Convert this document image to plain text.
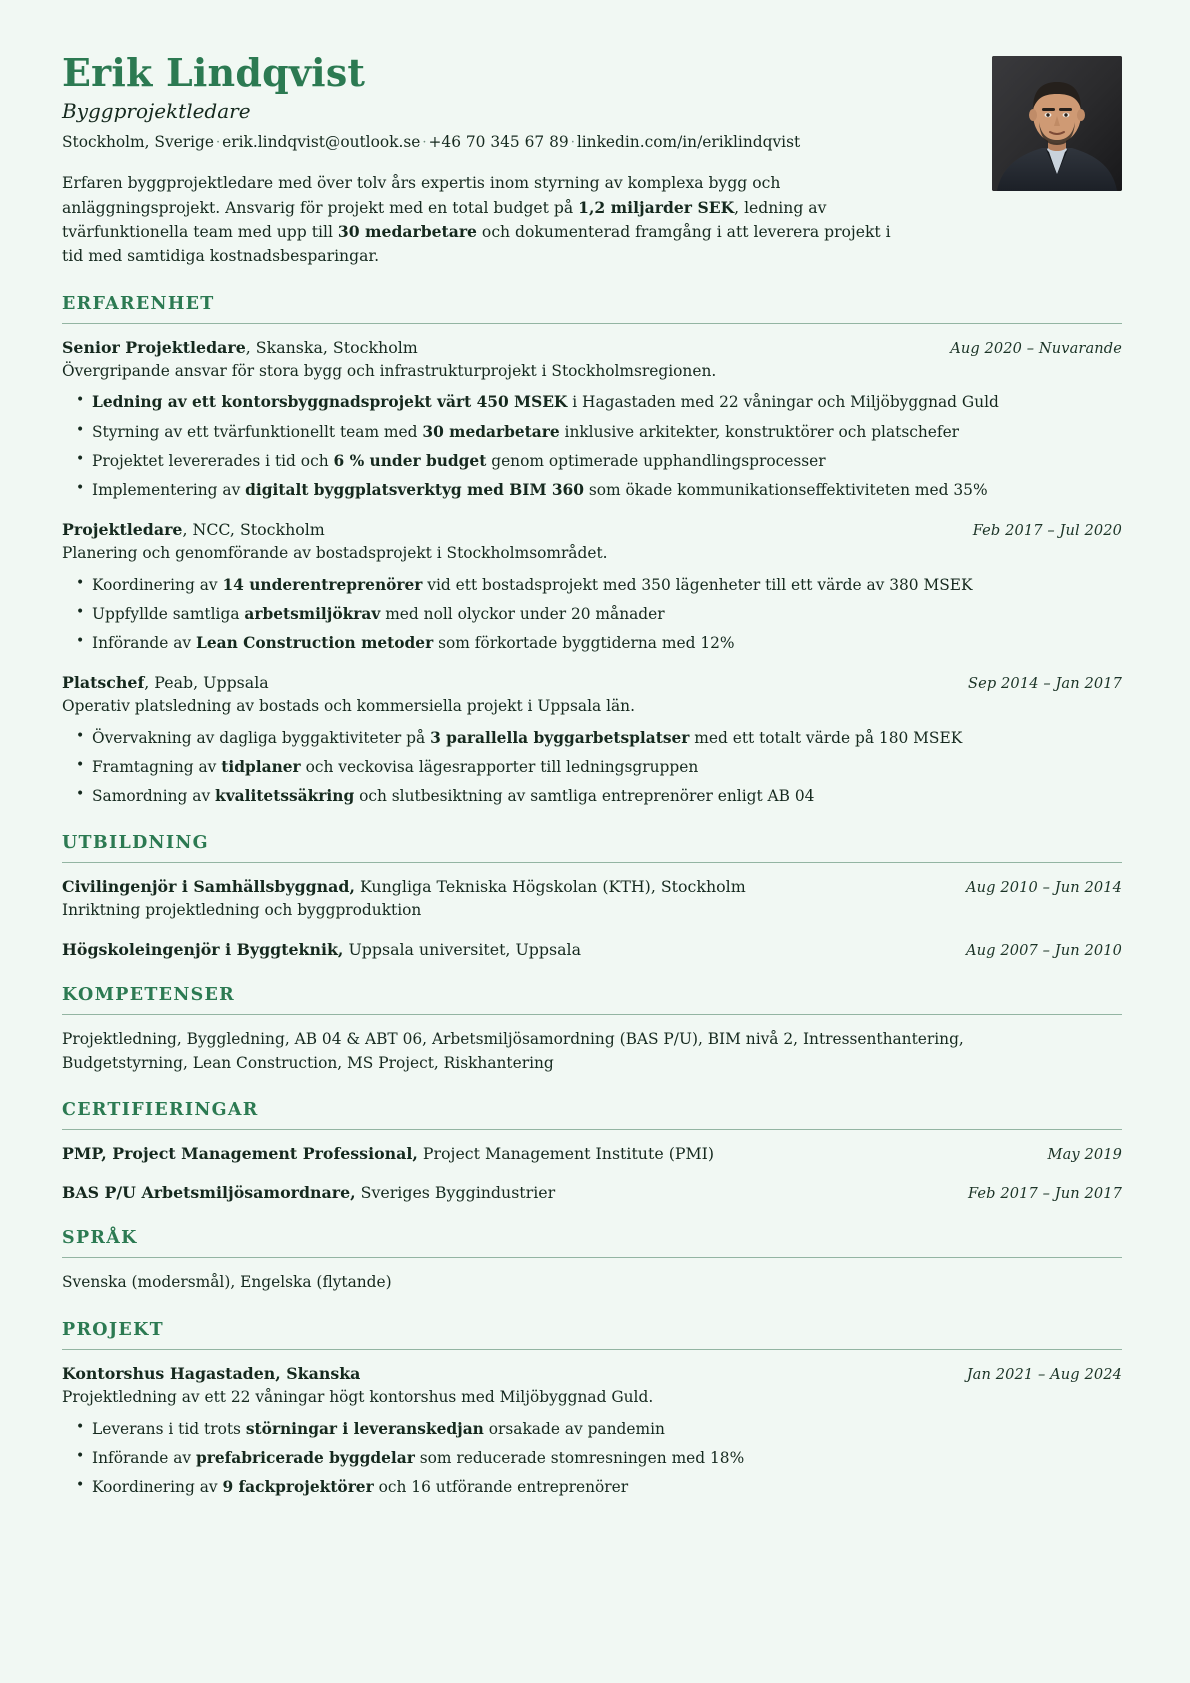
Erik Lindqvist
Byggprojektledare
Stockholm, Sverige · erik.lindqvist@outlook.se · +46 70 345 67 89 · linkedin.com/in/eriklindqvist

Erfaren byggprojektledare med över tolv års expertis inom styrning av komplexa bygg och anläggningsprojekt. Ansvarig för projekt med en total budget på 1,2 miljarder SEK, ledning av tvärfunktionella team med upp till 30 medarbetare och dokumenterad framgång i att leverera projekt i tid med samtidiga kostnadsbesparingar.

ERFARENHET
Senior Projektledare, Skanska, Stockholm	Aug 2020 – Nuvarande
Övergripande ansvar för stora bygg och infrastrukturprojekt i Stockholmsregionen.
• Ledning av ett kontorsbyggnadsprojekt värt 450 MSEK i Hagastaden med 22 våningar och Miljöbyggnad Guld
• Styrning av ett tvärfunktionellt team med 30 medarbetare inklusive arkitekter, konstruktörer och platschefer
• Projektet levererades i tid och 6 % under budget genom optimerade upphandlingsprocesser
• Implementering av digitalt byggplatsverktyg med BIM 360 som ökade kommunikationseffektiviteten med 35%
Projektledare, NCC, Stockholm	Feb 2017 – Jul 2020
Planering och genomförande av bostadsprojekt i Stockholmsområdet.
• Koordinering av 14 underentreprenörer vid ett bostadsprojekt med 350 lägenheter till ett värde av 380 MSEK
• Uppfyllde samtliga arbetsmiljökrav med noll olyckor under 20 månader
• Införande av Lean Construction metoder som förkortade byggtiderna med 12%
Platschef, Peab, Uppsala	Sep 2014 – Jan 2017
Operativ platsledning av bostads och kommersiella projekt i Uppsala län.
• Övervakning av dagliga byggaktiviteter på 3 parallella byggarbetsplatser med ett totalt värde på 180 MSEK
• Framtagning av tidplaner och veckovisa lägesrapporter till ledningsgruppen
• Samordning av kvalitetssäkring och slutbesiktning av samtliga entreprenörer enligt AB 04
UTBILDNING
Civilingenjör i Samhällsbyggnad, Kungliga Tekniska Högskolan (KTH), Stockholm	Aug 2010 – Jun 2014
Inriktning projektledning och byggproduktion
Högskoleingenjör i Byggteknik, Uppsala universitet, Uppsala	Aug 2007 – Jun 2010
KOMPETENSER
Projektledning, Byggledning, AB 04 & ABT 06, Arbetsmiljösamordning (BAS P/U), BIM nivå 2, Intressenthantering, Budgetstyrning, Lean Construction, MS Project, Riskhantering
CERTIFIERINGAR
PMP, Project Management Professional, Project Management Institute (PMI)	May 2019
BAS P/U Arbetsmiljösamordnare, Sveriges Byggindustrier	Feb 2017 – Jun 2017
SPRÅK
Svenska (modersmål), Engelska (flytande)
PROJEKT
Kontorshus Hagastaden, Skanska	Jan 2021 – Aug 2024
Projektledning av ett 22 våningar högt kontorshus med Miljöbyggnad Guld.
• Leverans i tid trots störningar i leveranskedjan orsakade av pandemin
• Införande av prefabricerade byggdelar som reducerade stomresningen med 18%
• Koordinering av 9 fackprojektörer och 16 utförande entreprenörer
